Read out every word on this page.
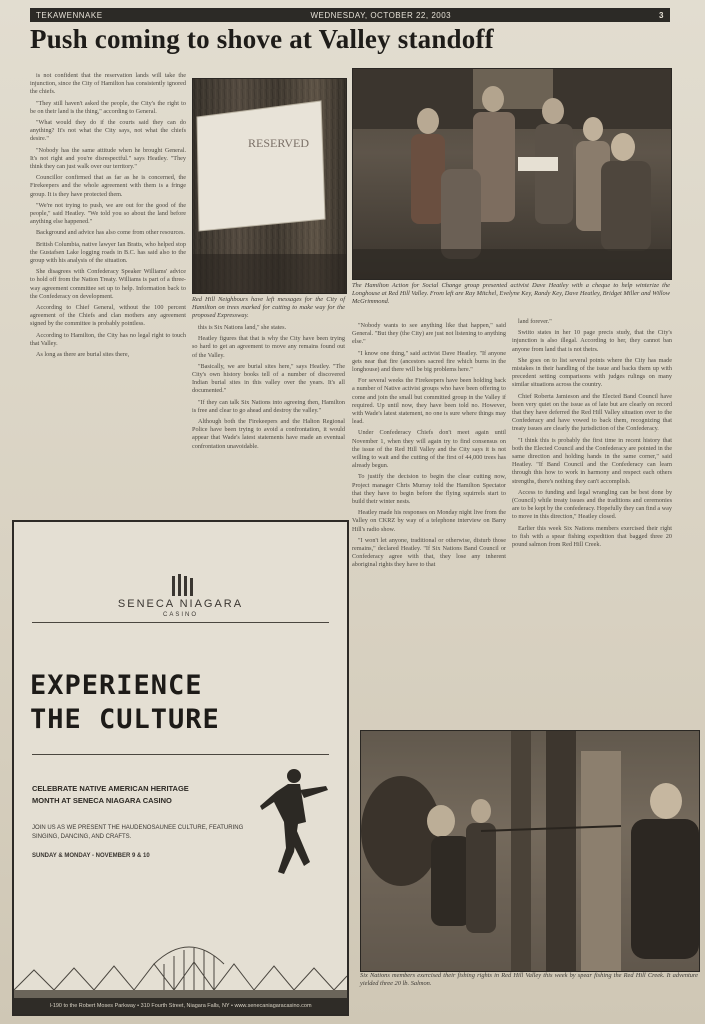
TEKAWENNAKE	WEDNESDAY, OCTOBER 22, 2003	3
Push coming to shove at Valley standoff

is not confident that the reservation lands will take the injunction, since the City of Hamilton has consistently ignored the chiefs.

"They still haven't asked the people, the City's the right to be on their land is the thing," according to General.

"What would they do if the courts said they can do anything? It's not what the City says, not what the chiefs desire."

"Nobody has the same attitude when he brought General. It's not right and you're disrespectful." says Heatley. "They think they can just walk over our territory."

Councillor confirmed that as far as he is concerned, the Firekeepers and the whole agreement with them is a fringe group. It is they have protected them.

"We're not trying to push, we are out for the good of the people," said Heatley. "We told you so about the land before anything else happened."

Background and advice has also come from other resources.

British Columbia, native lawyer Ian Bratts, who helped stop the Gustafsen Lake logging roads in B.C. has said also to the group with his analysis of the situation.

She disagrees with Confederacy Speaker Williams' advice to hold off from the Nation Treaty. Williams is part of a three-way agreement committee set up to help. Information back to the Confederacy on development.

According to Chief General, without the 100 percent agreement of the Chiefs and clan mothers any agreement signed by the committee is probably pointless.

According to Hamilton, the City has no legal right to touch that Valley.

As long as there are burial sites there,

RESERVED
Red Hill Neighbours have left messages for the City of Hamilton on trees marked for cutting to make way for the proposed Expressway.
The Hamilton Action for Social Change group presented activist Dave Heatley with a cheque to help winterize the Longhouse at Red Hill Valley. From left are Ray Mitchel, Evelyne Key, Randy Key, Dave Heatley, Bridget Miller and Willow McGrimmond.

this is Six Nations land," she states.

Heatley figures that that is why the City have been trying so hard to get an agreement to move any remains found out of the Valley.

"Basically, we are burial sites here," says Heatley. "The City's own history books tell of a number of discovered Indian burial sites in this valley over the years. It's all documented."

"If they can talk Six Nations into agreeing then, Hamilton is free and clear to go ahead and destroy the valley."

Although both the Firekeepers and the Halton Regional Police have been trying to avoid a confrontation, it would appear that Wade's latest statements have made an eventual confrontation unavoidable.

"Nobody wants to see anything like that happen," said General. "But they (the City) are just not listening to anything else."

"I know one thing," said activist Dave Heatley. "If anyone gets near that fire (ancestors sacred fire which burns in the longhouse) and there will be big problems here."

For several weeks the Firekeepers have been holding back a number of Native activist groups who have been offering to come and join the small but committed group in the Valley if required. Up until now, they have been told no. However, with Wade's latest statement, no one is sure where things may lead.

Under Confederacy Chiefs don't meet again until November 1, when they will again try to find consensus on the issue of the Red Hill Valley and the City says it is not willing to wait and the cutting of the first of 44,000 trees has already begun.

To justify the decision to begin the clear cutting now, Project manager Chris Murray told the Hamilton Spectator that they have to begin before the flying squirrels start to build their winter nests.

Heatley made his responses on Monday night live from the Valley on CKRZ by way of a telephone interview on Barry Hill's radio show.

"I won't let anyone, traditional or otherwise, disturb those remains," declared Heatley. "If Six Nations Band Council or Confederacy agree with that, they lose any inherent aboriginal rights they have to that

land forever."

Swiito states in her 10 page precis study, that the City's injunction is also illegal. According to her, they cannot ban anyone from land that is not theirs.

She goes on to list several points where the City has made mistakes in their handling of the issue and backs them up with precedent setting comparisons with judges rulings on many similar situations across the country.

Chief Roberta Jamieson and the Elected Band Council have been very quiet on the issue as of late but are clearly on record that they have deferred the Red Hill Valley situation over to the Confederacy and have vowed to back them, recognizing that treaty issues are clearly the jurisdiction of the Confederacy.

"I think this is probably the first time in recent history that both the Elected Council and the Confederacy are pointed in the same direction and holding hands in the same corner," said Heatley. "If Band Council and the Confederacy can learn through this how to work in harmony and respect each others strengths, there's nothing they can't accomplish.

Access to funding and legal wrangling can be best done by (Council) while treaty issues and the traditions and ceremonies are to be kept by the confederacy. Hopefully they can find a way to move in this direction," Heatley closed.

Earlier this week Six Nations members exercised their right to fish with a spear fishing expedition that bagged three 20 pound salmon from Red Hill Creek.

Six Nations members exercised their fishing rights in Red Hill Valley this week by spear fishing the Red Hill Creek. It adventure yielded three 20 lb. Salmon.
SENECA NIAGARA
CASINO
EXPERIENCE
THE CULTURE
CELEBRATE NATIVE AMERICAN HERITAGE
MONTH AT SENECA NIAGARA CASINO
JOIN US AS WE PRESENT THE HAUDENOSAUNEE CULTURE, FEATURING SINGING, DANCING, AND CRAFTS.
SUNDAY & MONDAY - NOVEMBER 9 & 10
I-190 to the Robert Moses Parkway • 310 Fourth Street, Niagara Falls, NY • www.senecaniagaracasino.com
